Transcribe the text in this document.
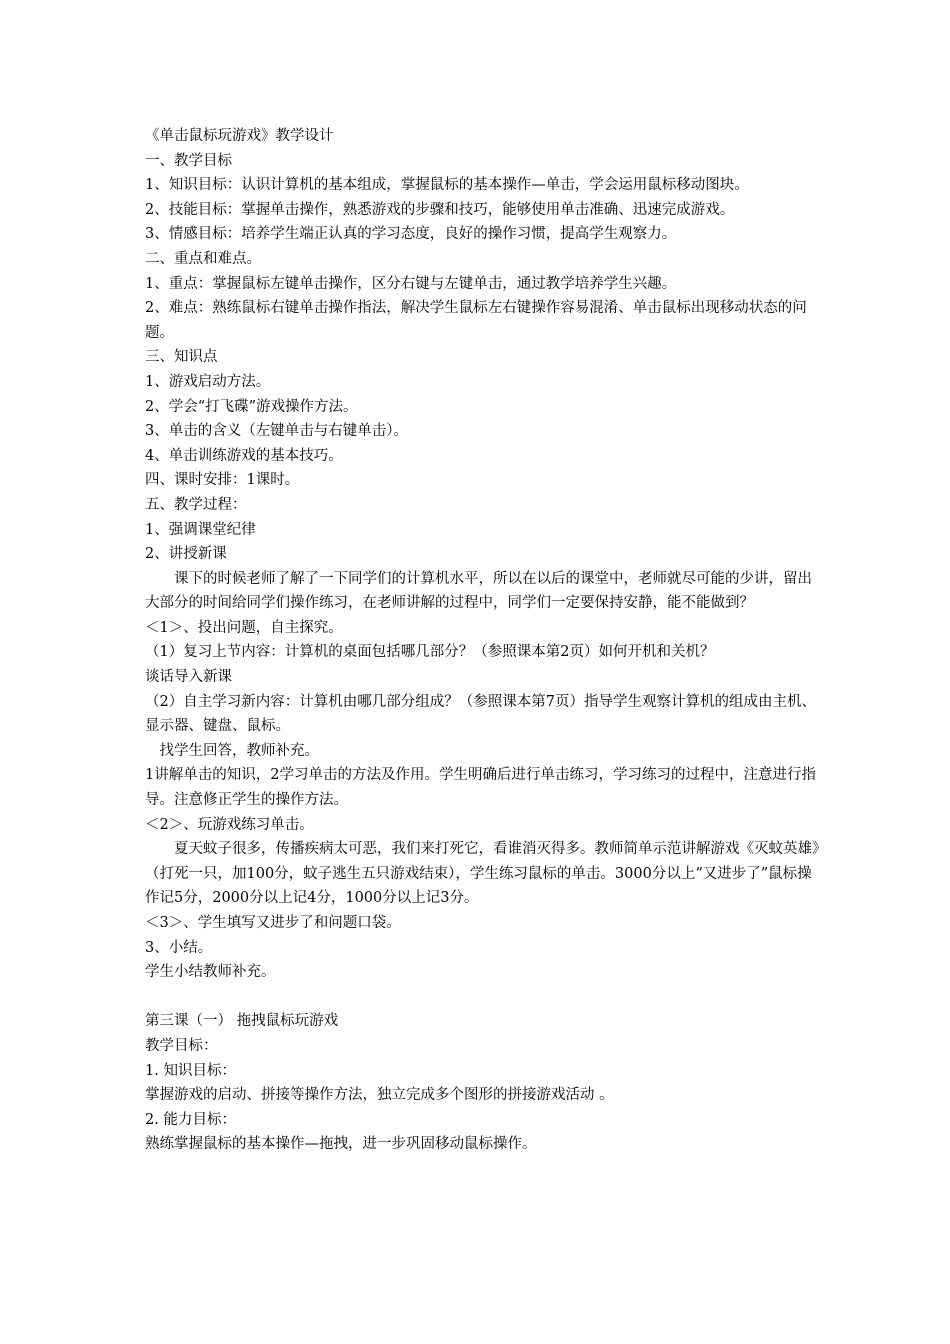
《单击鼠标玩游戏》教学设计

一、教学目标

1、知识目标：认识计算机的基本组成，掌握鼠标的基本操作—单击，学会运用鼠标移动图块。

2、技能目标：掌握单击操作，熟悉游戏的步骤和技巧，能够使用单击准确、迅速完成游戏。

3、情感目标：培养学生端正认真的学习态度，良好的操作习惯，提高学生观察力。

二、重点和难点。

1、重点：掌握鼠标左键单击操作，区分右键与左键单击，通过教学培养学生兴趣。

2、难点：熟练鼠标右键单击操作指法，解决学生鼠标左右键操作容易混淆、单击鼠标出现移动状态的问题。

三、知识点

1、游戏启动方法。

2、学会“打飞碟”游戏操作方法。

3、单击的含义（左键单击与右键单击）。

4、单击训练游戏的基本技巧。

四、课时安排：1课时。

五、教学过程：

1、强调课堂纪律

2、讲授新课

课下的时候老师了解了一下同学们的计算机水平，所以在以后的课堂中，老师就尽可能的少讲，留出大部分的时间给同学们操作练习，在老师讲解的过程中，同学们一定要保持安静，能不能做到？

＜1＞、投出问题，自主探究。

（1）复习上节内容：计算机的桌面包括哪几部分？（参照课本第2页）如何开机和关机？

谈话导入新课

（2）自主学习新内容：计算机由哪几部分组成？（参照课本第7页）指导学生观察计算机的组成由主机、显示器、键盘、鼠标。

找学生回答，教师补充。

1讲解单击的知识，2学习单击的方法及作用。学生明确后进行单击练习，学习练习的过程中，注意进行指导。注意修正学生的操作方法。

＜2＞、玩游戏练习单击。

夏天蚊子很多，传播疾病太可恶，我们来打死它，看谁消灭得多。教师简单示范讲解游戏《灭蚊英雄》（打死一只，加100分，蚊子逃生五只游戏结束），学生练习鼠标的单击。3000分以上“又进步了”鼠标操作记5分，2000分以上记4分，1000分以上记3分。

＜3＞、学生填写又进步了和问题口袋。

3、小结。

学生小结教师补充。

第三课（一） 拖拽鼠标玩游戏

教学目标：

1. 知识目标：

掌握游戏的启动、拼接等操作方法，独立完成多个图形的拼接游戏活动 。

2. 能力目标：

熟练掌握鼠标的基本操作—拖拽，进一步巩固移动鼠标操作。
